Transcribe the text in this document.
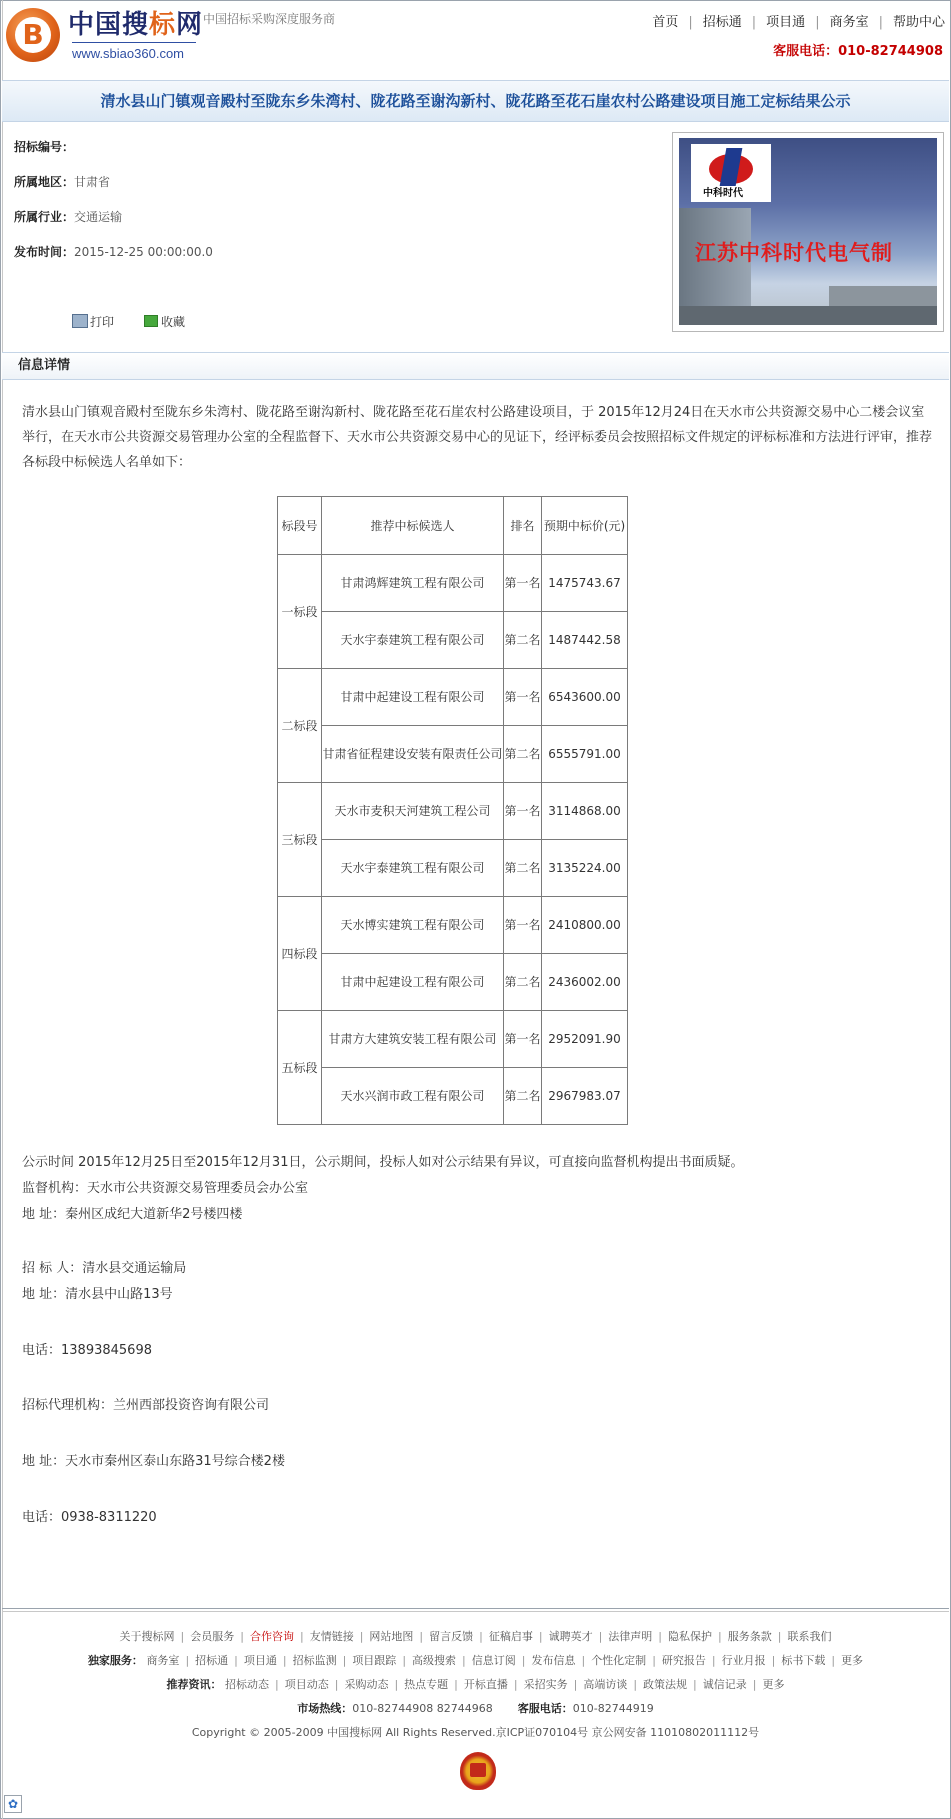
B 中国搜标网
www.sbiao360.com
中国招标采购深度服务商	首页 | 招标通 | 项目通 | 商务室 | 帮助中心
客服电话：010-82744908
清水县山门镇观音殿村至陇东乡朱湾村、陇花路至谢沟新村、陇花路至花石崖农村公路建设项目施工定标结果公示
招标编号：
所属地区：甘肃省
所属行业：交通运输
发布时间：2015-12-25 00:00:00.0
打印	收藏
中科时代
江苏中科时代电气制
信息详情
清水县山门镇观音殿村至陇东乡朱湾村、陇花路至谢沟新村、陇花路至花石崖农村公路建设项目，于 2015年12月24日在天水市公共资源交易中心二楼会议室举行，在天水市公共资源交易管理办公室的全程监督下、天水市公共资源交易中心的见证下，经评标委员会按照招标文件规定的评标标准和方法进行评审，推荐各标段中标候选人名单如下：
标段号	推荐中标候选人	排名	预期中标价(元)
一标段	甘肃鸿辉建筑工程有限公司	第一名	1475743.67
	天水宇泰建筑工程有限公司	第二名	1487442.58
二标段	甘肃中起建设工程有限公司	第一名	6543600.00
	甘肃省征程建设安装有限责任公司	第二名	6555791.00
三标段	天水市麦积天河建筑工程公司	第一名	3114868.00
	天水宇泰建筑工程有限公司	第二名	3135224.00
四标段	天水博实建筑工程有限公司	第一名	2410800.00
	甘肃中起建设工程有限公司	第二名	2436002.00
五标段	甘肃方大建筑安装工程有限公司	第一名	2952091.90
	天水兴润市政工程有限公司	第二名	2967983.07
公示时间 2015年12月25日至2015年12月31日，公示期间，投标人如对公示结果有异议，可直接向监督机构提出书面质疑。
监督机构：天水市公共资源交易管理委员会办公室
地 址：秦州区成纪大道新华2号楼四楼
招 标 人：清水县交通运输局
地 址：清水县中山路13号
电话：13893845698
招标代理机构：兰州西部投资咨询有限公司
地 址：天水市秦州区泰山东路31号综合楼2楼
电话：0938-8311220
关于搜标网 | 会员服务 | 合作咨询 | 友情链接 | 网站地图 | 留言反馈 | 征稿启事 | 诚聘英才 | 法律声明 | 隐私保护 | 服务条款 | 联系我们
独家服务： 商务室 | 招标通 | 项目通 | 招标监测 | 项目跟踪 | 高级搜索 | 信息订阅 | 发布信息 | 个性化定制 | 研究报告 | 行业月报 | 标书下载 | 更多
推荐资讯： 招标动态 | 项目动态 | 采购动态 | 热点专题 | 开标直播 | 采招实务 | 高端访谈 | 政策法规 | 诚信记录 | 更多
市场热线：010-82744908 82744968 客服电话：010-82744919
Copyright © 2005-2009 中国搜标网 All Rights Reserved.京ICP证070104号 京公网安备 11010802011112号
✿
